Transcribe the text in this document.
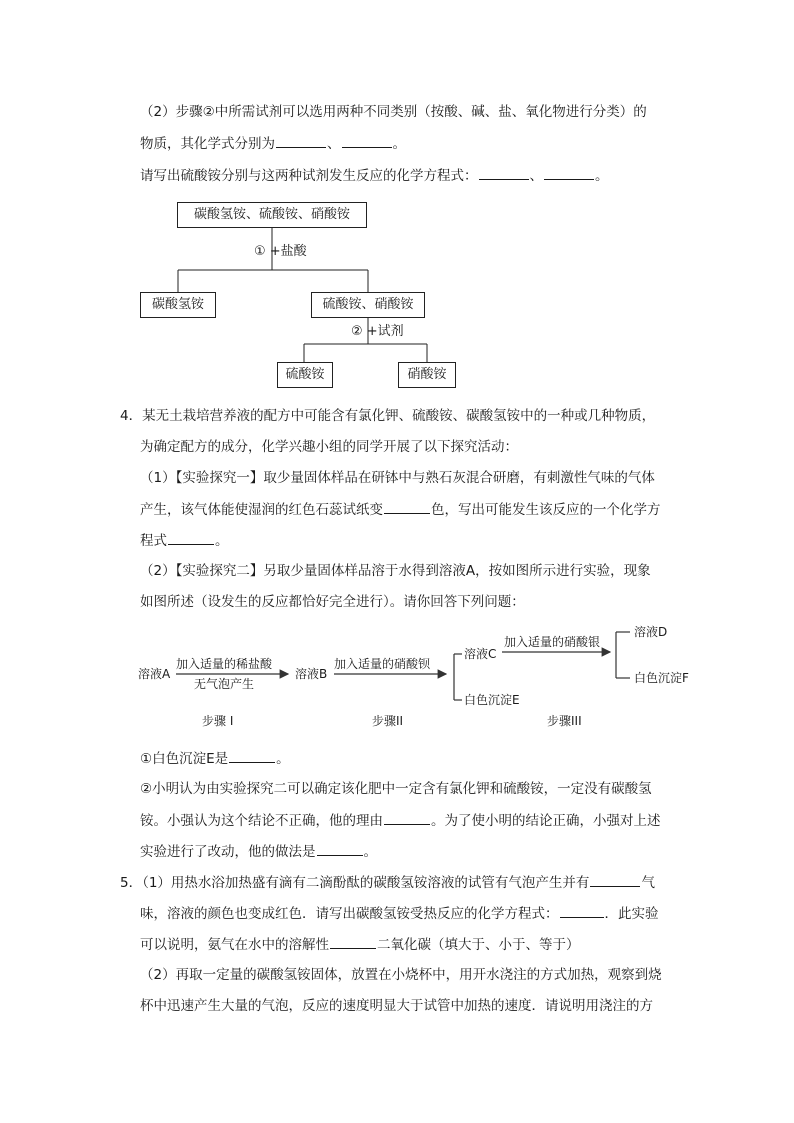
（2）步骤②中所需试剂可以选用两种不同类别（按酸、碱、盐、氧化物进行分类）的
物质，其化学式分别为	、	。
请写出硫酸铵分别与这两种试剂发生反应的化学方程式：	、	。
碳酸氢铵、硫酸铵、硝酸铵
① +盐酸
碳酸氢铵	硫酸铵、硝酸铵
② +试剂
硫酸铵	硝酸铵
4．某无土栽培营养液的配方中可能含有氯化钾、硫酸铵、碳酸氢铵中的一种或几种物质，
为确定配方的成分，化学兴趣小组的同学开展了以下探究活动：
（1）【实验探究一】取少量固体样品在研钵中与熟石灰混合研磨，有刺激性气味的气体
产生，该气体能使湿润的红色石蕊试纸变	色，写出可能发生该反应的一个化学方
程式	。
（2）【实验探究二】另取少量固体样品溶于水得到溶液A，按如图所示进行实验，现象
如图所述（设发生的反应都恰好完全进行）。请你回答下列问题：
溶液A
加入适量的稀盐酸
无气泡产生
溶液B
加入适量的硝酸钡
溶液C
白色沉淀E
加入适量的硝酸银
溶液D
白色沉淀F
步骤 I	步骤II	步骤III
①白色沉淀E是	。
②小明认为由实验探究二可以确定该化肥中一定含有氯化钾和硫酸铵，一定没有碳酸氢
铵。小强认为这个结论不正确，他的理由	。为了使小明的结论正确，小强对上述
实验进行了改动，他的做法是	。
5．（1）用热水浴加热盛有滴有二滴酚酞的碳酸氢铵溶液的试管有气泡产生并有	气
味，溶液的颜色也变成红色．请写出碳酸氢铵受热反应的化学方程式：	．此实验
可以说明，氨气在水中的溶解性	二氧化碳（填大于、小于、等于）
（2）再取一定量的碳酸氢铵固体，放置在小烧杯中，用开水浇注的方式加热，观察到烧
杯中迅速产生大量的气泡，反应的速度明显大于试管中加热的速度．请说明用浇注的方
